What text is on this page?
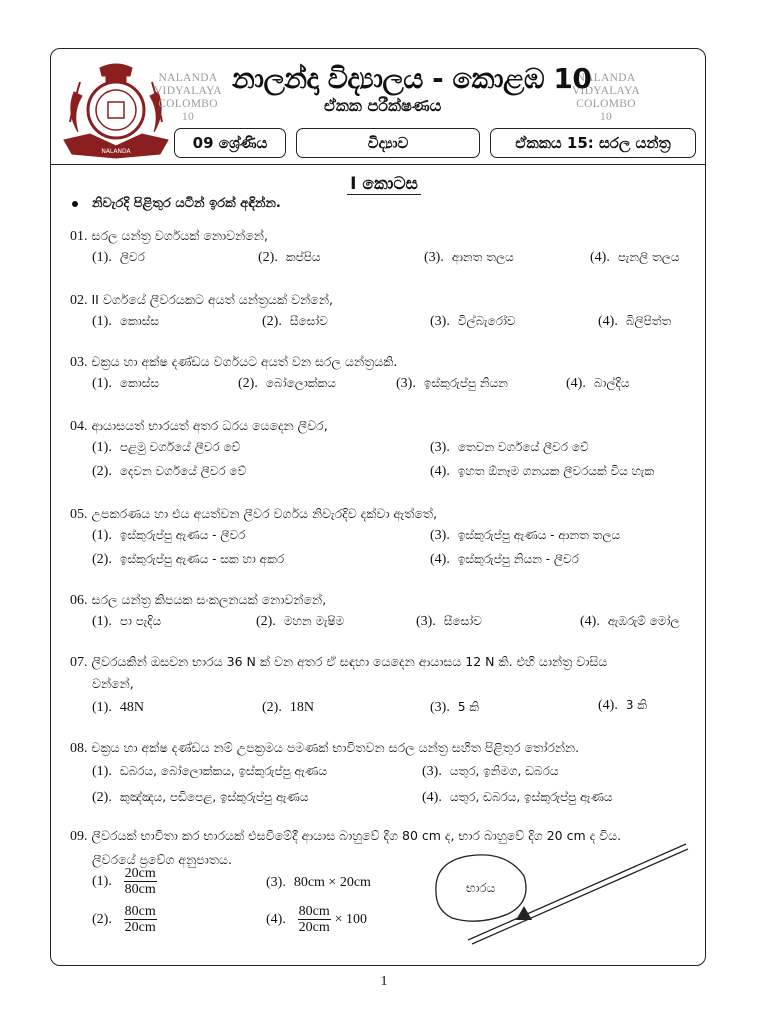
NALANDA
NALANDA
VIDYALAYA
COLOMBO 10
NALANDA
VIDYALAYA
COLOMBO 10
නාලන්දා විද්‍යාලය - කොළඹ 10
ඒකක පරීක්ෂණය
09 ශ්‍රේණිය	විද්‍යාව	ඒකකය 15: සරල යන්ත්‍ර
I කොටස
නිවැරදි පිළිතුර යටින් ඉරක් අඳින්න.
01. සරල යන්ත්‍ර වර්ගයක් නොවන්නේ,
(1). ලීවර	(2). කප්පිය	(3). ආනත තලය	(4). පැනලි තලය
02. II වර්ගයේ ලීවරයකට අයත් යන්ත්‍රයක් වන්නේ,
(1). කොස්ස	(2). සීසෝව	(3). විල්බැරෝව	(4). බිලිපිත්ත
03. චක්‍රය හා අක්ෂ දණ්ඩය වර්ගයට අයත් වන සරල යන්ත්‍රයකි.
(1). කොස්ස	(2). බෝලොක්කය	(3). ඉස්කුරුප්පු නියන	(4). බාල්දිය
04. ආයාසයත් භාරයත් අතර ධරය යෙදෙන ලීවර,
(1). පළමු වර්ගයේ ලීවර වේ	(3). තෙවන වර්ගයේ ලීවර වේ
(2). දෙවන වර්ගයේ ලීවර වේ	(4). ඉහත ඕනෑම ගනයක ලීවරයක් විය හැක
05. උපකරණය හා එය අයත්වන ලීවර වර්ගය නිවැරදිව දක්වා ඇත්තේ,
(1). ඉස්කුරුප්පු ඇණය - ලීවර	(3). ඉස්කුරුප්පු ඇණය - ආනත තලය
(2). ඉස්කුරුප්පු ඇණය - සක හා අකර	(4). ඉස්කුරුප්පු නියන - ලීවර
06. සරල යන්ත්‍ර කිපයක සංකලනයක් නොවන්නේ,
(1). පා පැදිය	(2). මහන මැෂිම	(3). සීසෝව	(4). ඇඹරුම් මෝල
07. ලීවරයකින් ඔසවන භාරය 36 N ක් වන අතර ඒ සඳහා යෙදෙන ආයාසය 12 N කි. එහි යාන්ත්‍ර වාසිය
වන්නේ,
(1). 48N	(2). 18N	(3). 5 කි	(4). 3 කි
08. චක්‍රය හා අක්ෂ දණ්ඩය නම් උපක්‍රමය පමණක් භාවිතවන සරල යන්ත්‍ර සහිත පිළිතුර තෝරන්න.
(1). ඩබරය, බෝලොක්කය, ඉස්කුරුප්පු ඇණය	(3). යතුර, ඉනිමග, ඩබරය
(2). කුඤ්ඤය, පඩිපෙළ, ඉස්කුරුප්පු ඇණය	(4). යතුර, ඩබරය, ඉස්කුරුප්පු ඇණය
09. ලීවරයක් භාවිතා කර භාරයක් එසවීමේදී ආයාස බාහුවේ දිග 80 cm ද, භාර බාහුවේ දිග 20 cm ද විය.
ලීවරයේ ප්‍රවේග අනුපාතය.
(1). $\frac{20cm}{80cm}$	(3). 80cm × 20cm
(2). $\frac{80cm}{20cm}$	(4). $\frac{80cm}{20cm} \times 100$
භාරය
1
